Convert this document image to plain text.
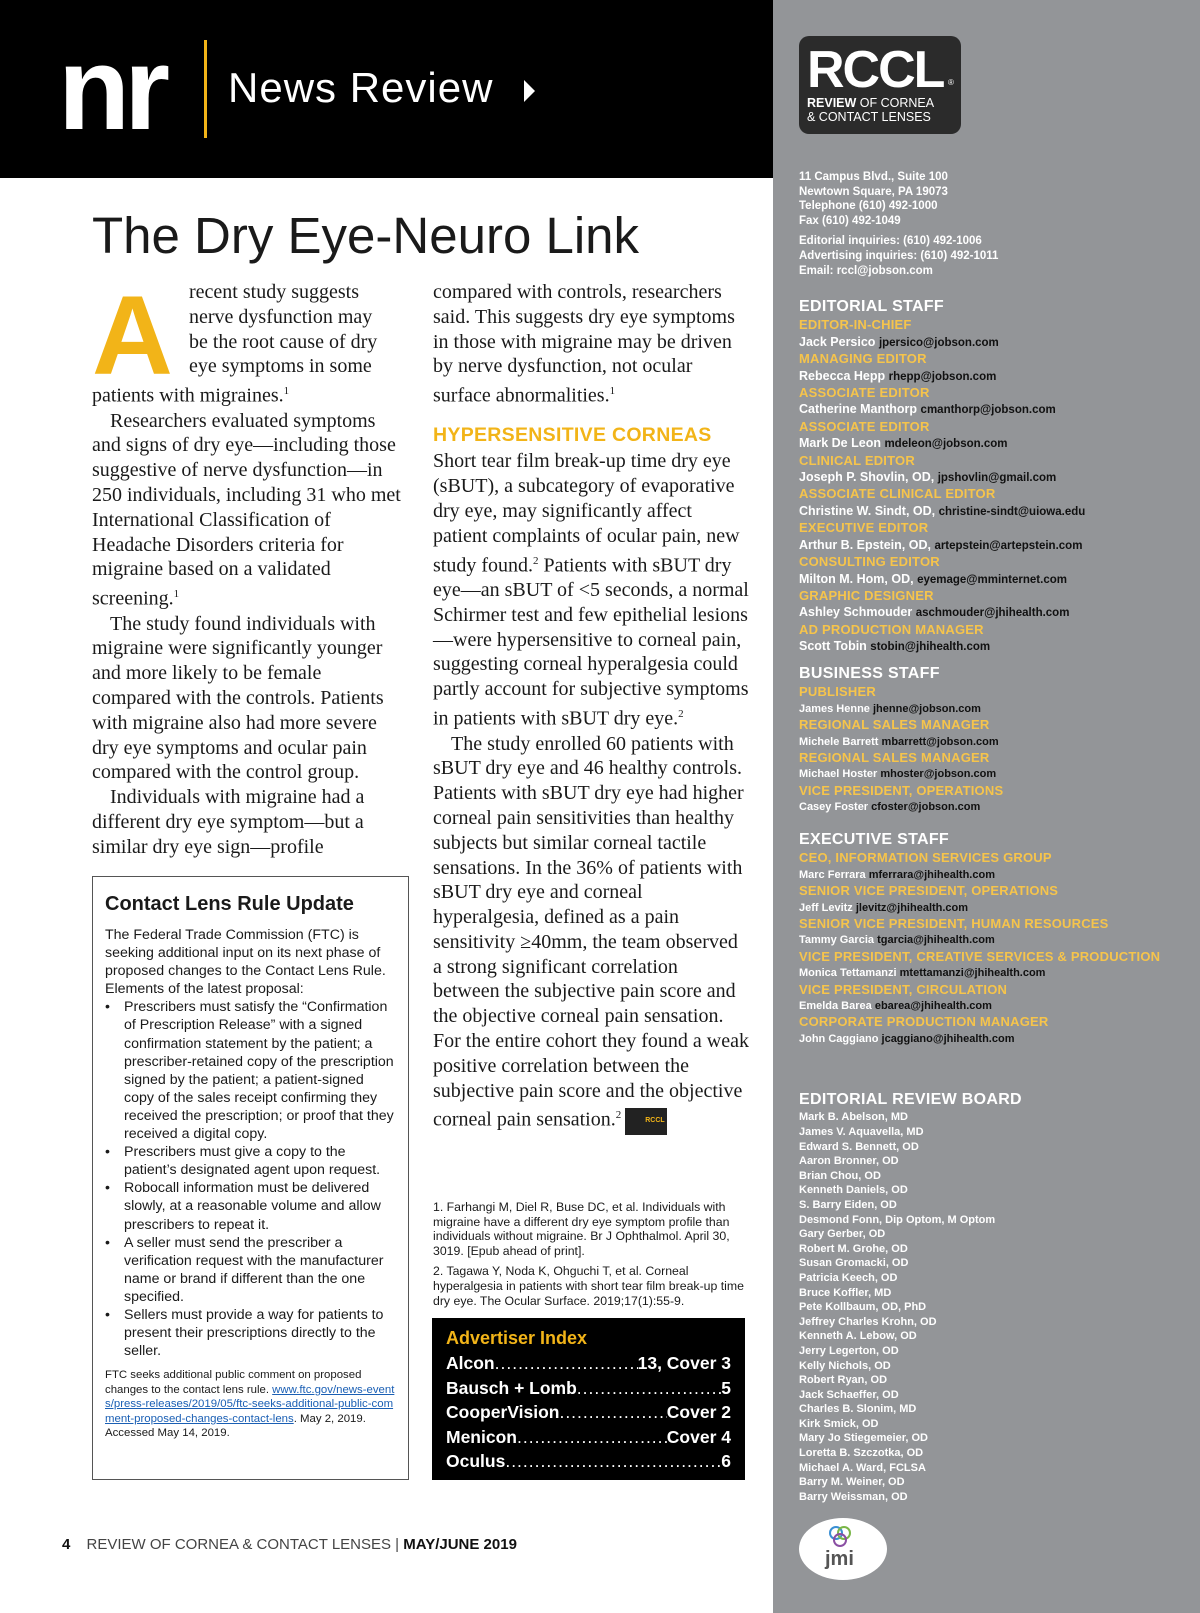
nr News Review
The Dry Eye-Neuro Link
A recent study suggests
nerve dysfunction may
be the root cause of dry
eye symptoms in some
patients with migraines.$^1$

Researchers evaluated symptoms and signs of dry eye—including those suggestive of nerve dysfunction—in 250 individuals, including 31 who met International Classification of Headache Disorders criteria for migraine based on a validated screening.$^1$

The study found individuals with migraine were significantly younger and more likely to be female compared with the controls. Patients with migraine also had more severe dry eye symptoms and ocular pain compared with the control group.

Individuals with migraine had a different dry eye symptom—but a similar dry eye sign—profile

compared with controls, researchers said. This suggests dry eye symptoms in those with migraine may be driven by nerve dysfunction, not ocular surface abnormalities.$^1$

HYPERSENSITIVE CORNEAS

Short tear film break-up time dry eye (sBUT), a subcategory of evaporative dry eye, may significantly affect patient complaints of ocular pain, new study found.$^2$ Patients with sBUT dry eye—an sBUT of <5 seconds, a normal Schirmer test and few epithelial lesions—were hypersensitive to corneal pain, suggesting corneal hyperalgesia could partly account for subjective symptoms in patients with sBUT dry eye.$^2$

The study enrolled 60 patients with sBUT dry eye and 46 healthy controls. Patients with sBUT dry eye had higher corneal pain sensitivities than healthy subjects but similar corneal tactile sensations. In the 36% of patients with sBUT dry eye and corneal hyperalgesia, defined as a pain sensitivity ≥40mm, the team observed a strong significant correlation between the subjective pain score and the objective corneal pain sensation. For the entire cohort they found a weak positive correlation between the subjective pain score and the objective corneal pain sensation.$^2$	RCCL

Contact Lens Rule Update

The Federal Trade Commission (FTC) is seeking additional input on its next phase of proposed changes to the Contact Lens Rule. Elements of the latest proposal:

• Prescribers must satisfy the “Confirmation of Prescription Release” with a signed confirmation statement by the patient; a prescriber-retained copy of the prescription signed by the patient; a patient-signed copy of the sales receipt confirming they received the prescription; or proof that they received a digital copy.
• Prescribers must give a copy to the patient’s designated agent upon request.
• Robocall information must be delivered slowly, at a reasonable volume and allow prescribers to repeat it.
• A seller must send the prescriber a verification request with the manufacturer name or brand if different than the one specified.
• Sellers must provide a way for patients to present their prescriptions directly to the seller.

FTC seeks additional public comment on proposed changes to the contact lens rule. www.ftc.gov/news-events/press-releases/2019/05/ftc-seeks-additional-public-comment-proposed-changes-contact-lens. May 2, 2019. Accessed May 14, 2019.

1. Farhangi M, Diel R, Buse DC, et al. Individuals with migraine have a different dry eye symptom profile than individuals without migraine. Br J Ophthalmol. April 30, 3019. [Epub ahead of print].

2. Tagawa Y, Noda K, Ohguchi T, et al. Corneal hyperalgesia in patients with short tear film break-up time dry eye. The Ocular Surface. 2019;17(1):55-9.

Advertiser Index
Alcon .....	13, Cover 3
Bausch + Lomb .....	5
CooperVision .....	Cover 2
Menicon .....	Cover 4
Oculus .....	6
4 REVIEW OF CORNEA & CONTACT LENSES | MAY/JUNE 2019
RCCL ®
REVIEW OF CORNEA
& CONTACT LENSES
11 Campus Blvd., Suite 100
Newtown Square, PA 19073
Telephone (610) 492-1000
Fax (610) 492-1049
Editorial inquiries: (610) 492-1006
Advertising inquiries: (610) 492-1011
Email: rccl@jobson.com
EDITORIAL STAFF
EDITOR-IN-CHIEF
Jack Persico jpersico@jobson.com
MANAGING EDITOR
Rebecca Hepp rhepp@jobson.com
ASSOCIATE EDITOR
Catherine Manthorp cmanthorp@jobson.com
ASSOCIATE EDITOR
Mark De Leon mdeleon@jobson.com
CLINICAL EDITOR
Joseph P. Shovlin, OD, jpshovlin@gmail.com
ASSOCIATE CLINICAL EDITOR
Christine W. Sindt, OD, christine-sindt@uiowa.edu
EXECUTIVE EDITOR
Arthur B. Epstein, OD, artepstein@artepstein.com
CONSULTING EDITOR
Milton M. Hom, OD, eyemage@mminternet.com
GRAPHIC DESIGNER
Ashley Schmouder aschmouder@jhihealth.com
AD PRODUCTION MANAGER
Scott Tobin stobin@jhihealth.com
BUSINESS STAFF
PUBLISHER
James Henne jhenne@jobson.com
REGIONAL SALES MANAGER
Michele Barrett mbarrett@jobson.com
REGIONAL SALES MANAGER
Michael Hoster mhoster@jobson.com
VICE PRESIDENT, OPERATIONS
Casey Foster cfoster@jobson.com
EXECUTIVE STAFF
CEO, INFORMATION SERVICES GROUP
Marc Ferrara mferrara@jhihealth.com
SENIOR VICE PRESIDENT, OPERATIONS
Jeff Levitz jlevitz@jhihealth.com
SENIOR VICE PRESIDENT, HUMAN RESOURCES
Tammy Garcia tgarcia@jhihealth.com
VICE PRESIDENT, CREATIVE SERVICES & PRODUCTION
Monica Tettamanzi mtettamanzi@jhihealth.com
VICE PRESIDENT, CIRCULATION
Emelda Barea ebarea@jhihealth.com
CORPORATE PRODUCTION MANAGER
John Caggiano jcaggiano@jhihealth.com
EDITORIAL REVIEW BOARD
Mark B. Abelson, MD
James V. Aquavella, MD
Edward S. Bennett, OD
Aaron Bronner, OD
Brian Chou, OD
Kenneth Daniels, OD
S. Barry Eiden, OD
Desmond Fonn, Dip Optom, M Optom
Gary Gerber, OD
Robert M. Grohe, OD
Susan Gromacki, OD
Patricia Keech, OD
Bruce Koffler, MD
Pete Kollbaum, OD, PhD
Jeffrey Charles Krohn, OD
Kenneth A. Lebow, OD
Jerry Legerton, OD
Kelly Nichols, OD
Robert Ryan, OD
Jack Schaeffer, OD
Charles B. Slonim, MD
Kirk Smick, OD
Mary Jo Stiegemeier, OD
Loretta B. Szczotka, OD
Michael A. Ward, FCLSA
Barry M. Weiner, OD
Barry Weissman, OD
jmi
